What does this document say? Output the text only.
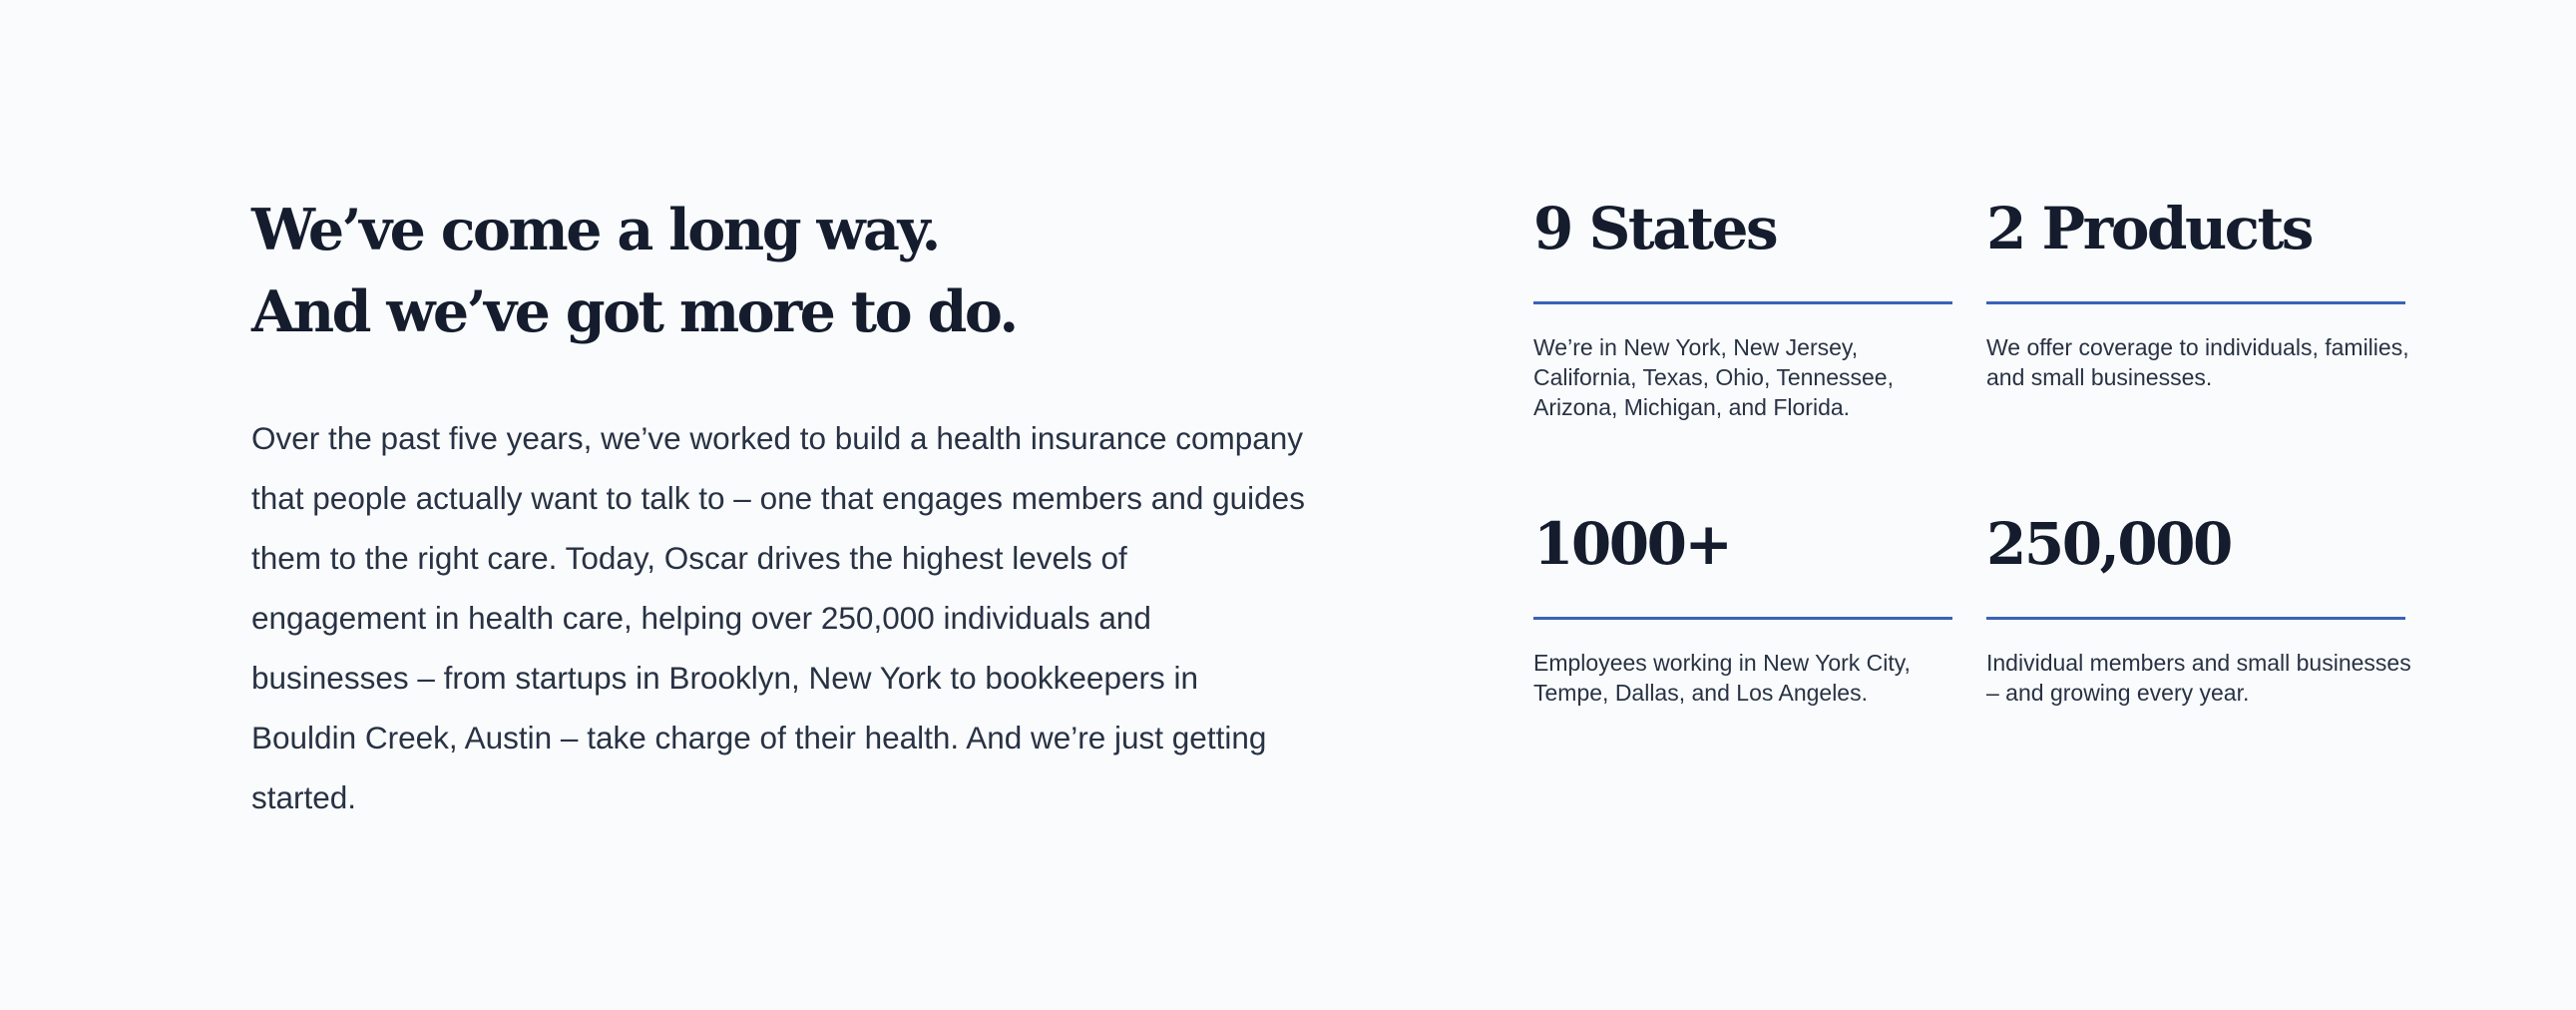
We’ve come a long way.
And we’ve got more to do.

Over the past five years, we’ve worked to build a health insurance company that people actually want to talk to – one that engages members and guides them to the right care. Today, Oscar drives the highest levels of engagement in health care, helping over 250,000 individuals and businesses – from startups in Brooklyn, New York to bookkeepers in Bouldin Creek, Austin – take charge of their health. And we’re just getting started.

9 States

We’re in New York, New Jersey, California, Texas, Ohio, Tennessee, Arizona, Michigan, and Florida.

2 Products

We offer coverage to individuals, families, and small businesses.

1000+

Employees working in New York City, Tempe, Dallas, and Los Angeles.

250,000

Individual members and small businesses – and growing every year.
